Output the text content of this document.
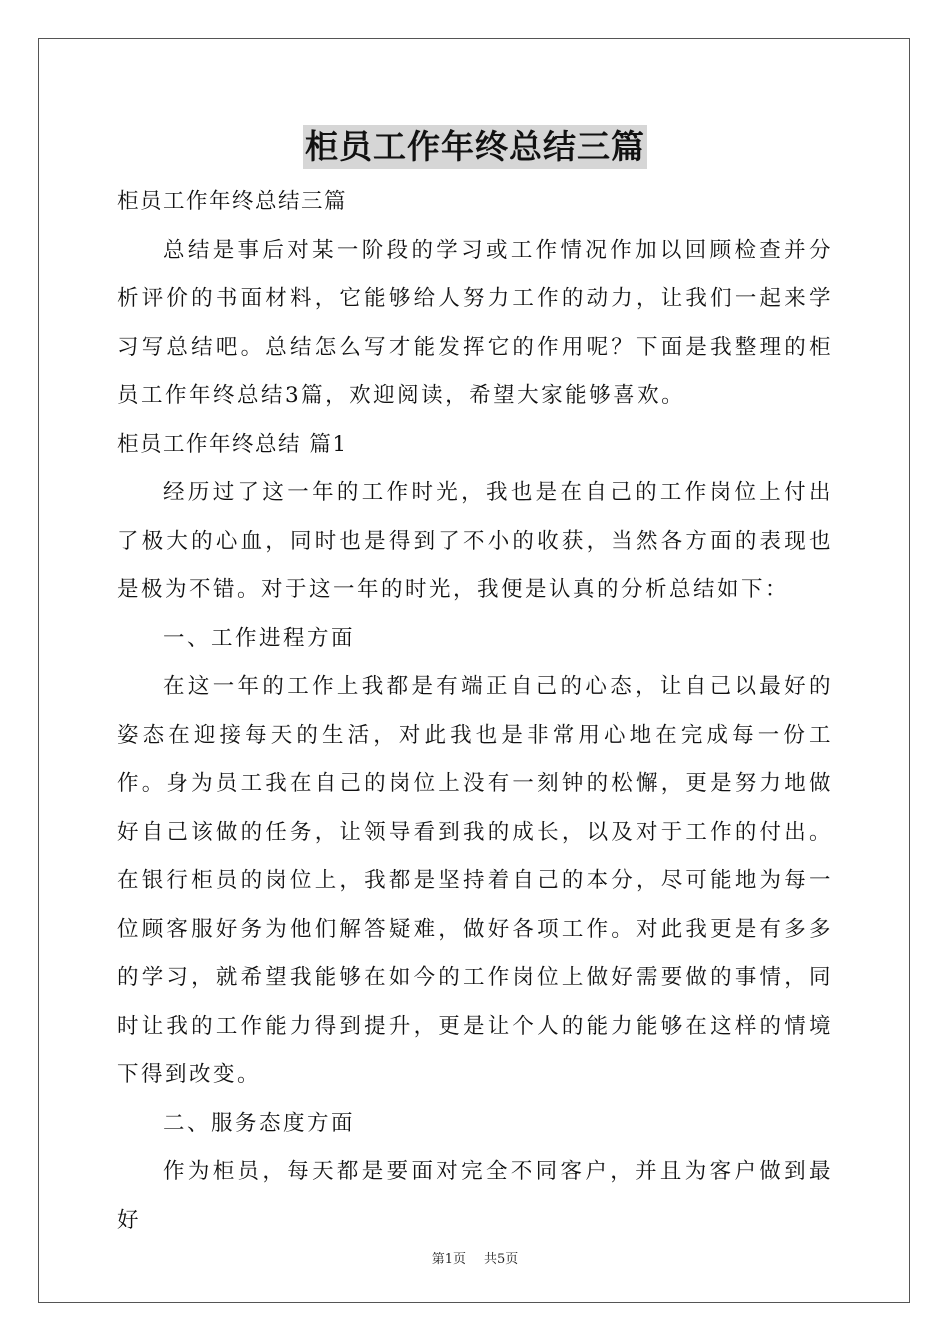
柜员工作年终总结三篇

柜员工作年终总结三篇

总结是事后对某一阶段的学习或工作情况作加以回顾检查并分析评价的书面材料，它能够给人努力工作的动力，让我们一起来学习写总结吧。总结怎么写才能发挥它的作用呢？下面是我整理的柜员工作年终总结3篇，欢迎阅读，希望大家能够喜欢。

柜员工作年终总结 篇1

经历过了这一年的工作时光，我也是在自己的工作岗位上付出了极大的心血，同时也是得到了不小的收获，当然各方面的表现也是极为不错。对于这一年的时光，我便是认真的分析总结如下：

一、工作进程方面

在这一年的工作上我都是有端正自己的心态，让自己以最好的姿态在迎接每天的生活，对此我也是非常用心地在完成每一份工作。身为员工我在自己的岗位上没有一刻钟的松懈，更是努力地做好自己该做的任务，让领导看到我的成长，以及对于工作的付出。在银行柜员的岗位上，我都是坚持着自己的本分，尽可能地为每一位顾客服好务为他们解答疑难，做好各项工作。对此我更是有多多的学习，就希望我能够在如今的工作岗位上做好需要做的事情，同时让我的工作能力得到提升，更是让个人的能力能够在这样的情境下得到改变。

二、服务态度方面

作为柜员，每天都是要面对完全不同客户，并且为客户做到最好

第1页 共5页
